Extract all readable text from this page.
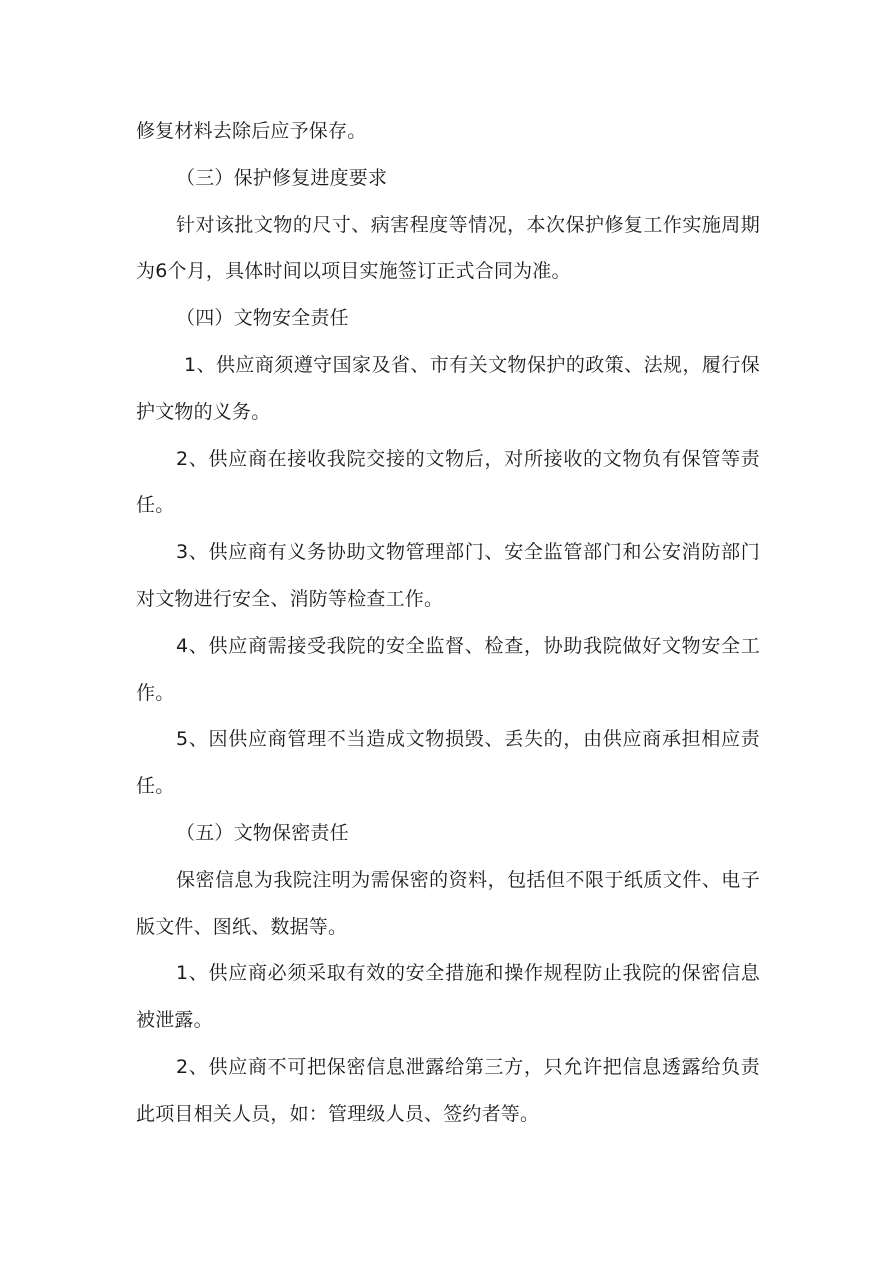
修复材料去除后应予保存。

（三）保护修复进度要求

针对该批文物的尺寸、病害程度等情况，本次保护修复工作实施周期为6个月，具体时间以项目实施签订正式合同为准。

（四）文物安全责任

1、供应商须遵守国家及省、市有关文物保护的政策、法规，履行保护文物的义务。

2、供应商在接收我院交接的文物后，对所接收的文物负有保管等责任。

3、供应商有义务协助文物管理部门、安全监管部门和公安消防部门对文物进行安全、消防等检查工作。

4、供应商需接受我院的安全监督、检查，协助我院做好文物安全工作。

5、因供应商管理不当造成文物损毁、丢失的，由供应商承担相应责任。

（五）文物保密责任

保密信息为我院注明为需保密的资料，包括但不限于纸质文件、电子版文件、图纸、数据等。

1、供应商必须采取有效的安全措施和操作规程防止我院的保密信息被泄露。

2、供应商不可把保密信息泄露给第三方，只允许把信息透露给负责此项目相关人员，如：管理级人员、签约者等。
